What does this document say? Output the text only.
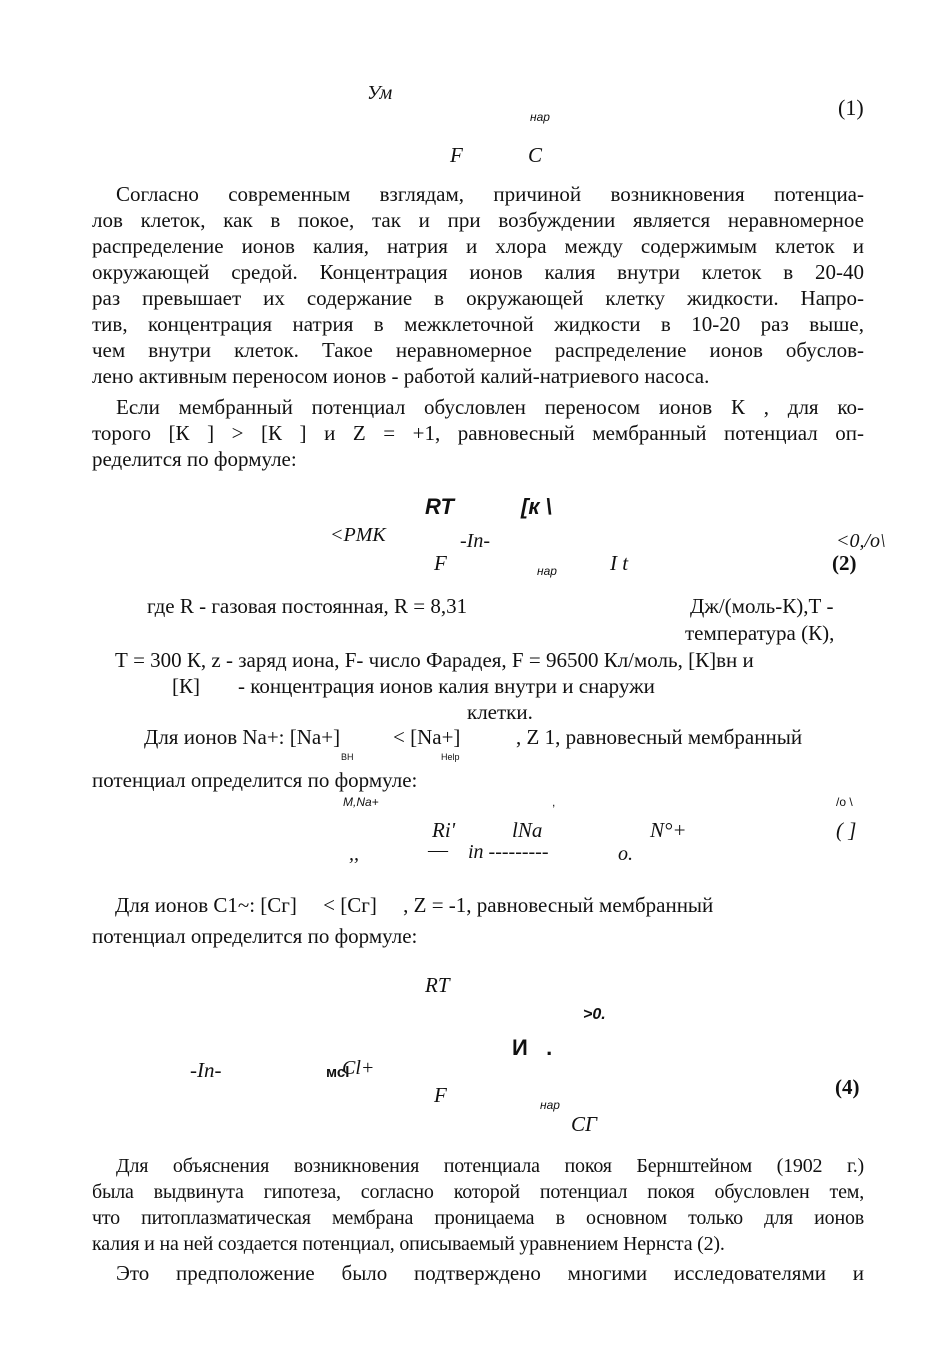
Ум
нар	(1)
F	C
Согласно современным взглядам, причиной возникновения потенциа-
лов клеток, как в покое, так и при возбуждении является неравномерное
распределение ионов калия, натрия и хлора между содержимым клеток и
окружающей средой. Концентрация ионов калия внутри клеток в 20-40
раз превышает их содержание в окружающей клетку жидкости. Напро-
тив, концентрация натрия в межклеточной жидкости в 10-20 раз выше,
чем внутри клеток. Такое неравномерное распределение ионов обуслов-
лено активным переносом ионов - работой калий-натриевого насоса.
Если мембранный потенциал обусловлен переносом ионов К , для ко-
торого [К ] > [К ] и Z = +1, равновесный мембранный потенциал оп-
ределится по формуле:
RT	[к \
<PМК	-In-	<0,/о\
F	нар	I t	(2)
где R - газовая постоянная, R = 8,31	Дж/(моль-К),Т -
температура (К),
Т = 300 К, z - заряд иона, F- число Фарадея, F = 96500 Кл/моль, [К]вн и
[К] - концентрация ионов калия внутри и снаружи
клетки.
Для ионов Na+: [Na+]	< [Na+]	, Z 1, равновесный мембранный
ВН	Help
потенциал определится по формуле:
M,Na+	,	/о \
Ri'	lNa	N°+	( ]
,,	— in ---------	о.
Для ионов С1~: [Сг]     < [Сг]     , Z = -1, равновесный мембранный
потенциал определится по формуле:
RT
>0.
И   .
-In-	мсl
Cl+
F	нар
(4)
СГ
Для объяснения возникновения потенциала покоя Бернштейном (1902 г.)
была выдвинута гипотеза, согласно которой потенциал покоя обусловлен тем,
что питоплазматическая мембрана проницаема в основном только для ионов
калия и на ней создается потенциал, описываемый уравнением Нернста (2).
Это предположение было подтверждено многими исследователями и
